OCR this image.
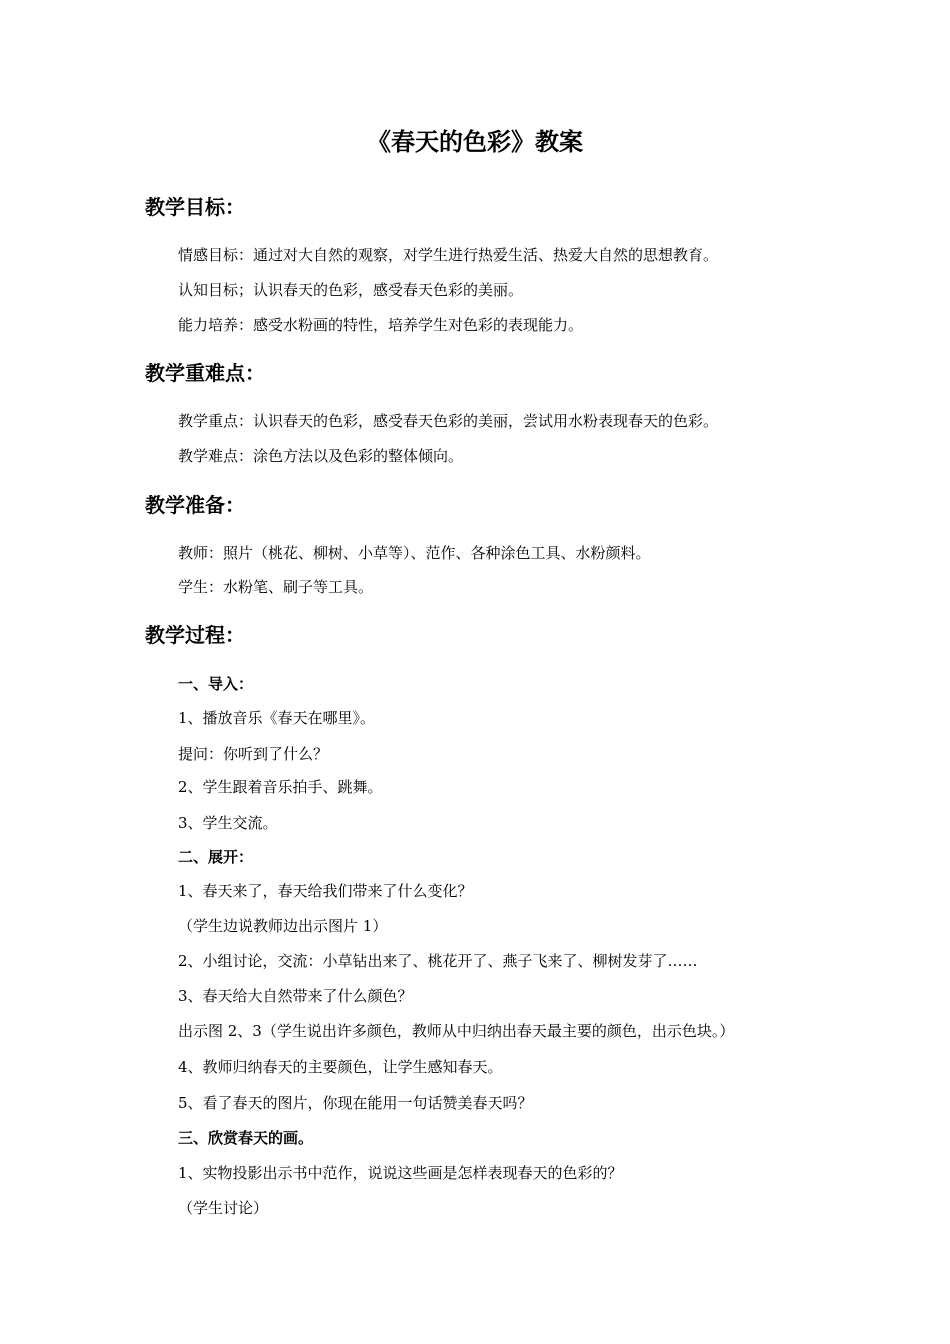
《春天的色彩》教案
教学目标：

情感目标：通过对大自然的观察，对学生进行热爱生活、热爱大自然的思想教育。

认知目标；认识春天的色彩，感受春天色彩的美丽。

能力培养：感受水粉画的特性，培养学生对色彩的表现能力。

教学重难点：

教学重点：认识春天的色彩，感受春天色彩的美丽，尝试用水粉表现春天的色彩。

教学难点：涂色方法以及色彩的整体倾向。

教学准备：

教师：照片（桃花、柳树、小草等）、范作、各种涂色工具、水粉颜料。

学生：水粉笔、刷子等工具。

教学过程：

一、导入：

1、播放音乐《春天在哪里》。

提问：你听到了什么？

2、学生跟着音乐拍手、跳舞。

3、学生交流。

二、展开：

1、春天来了，春天给我们带来了什么变化？

（学生边说教师边出示图片 1）

2、小组讨论，交流：小草钻出来了、桃花开了、燕子飞来了、柳树发芽了……

3、春天给大自然带来了什么颜色？

出示图 2、3（学生说出许多颜色，教师从中归纳出春天最主要的颜色，出示色块。）

4、教师归纳春天的主要颜色，让学生感知春天。

5、看了春天的图片，你现在能用一句话赞美春天吗？

三、欣赏春天的画。

1、实物投影出示书中范作，说说这些画是怎样表现春天的色彩的？

（学生讨论）
